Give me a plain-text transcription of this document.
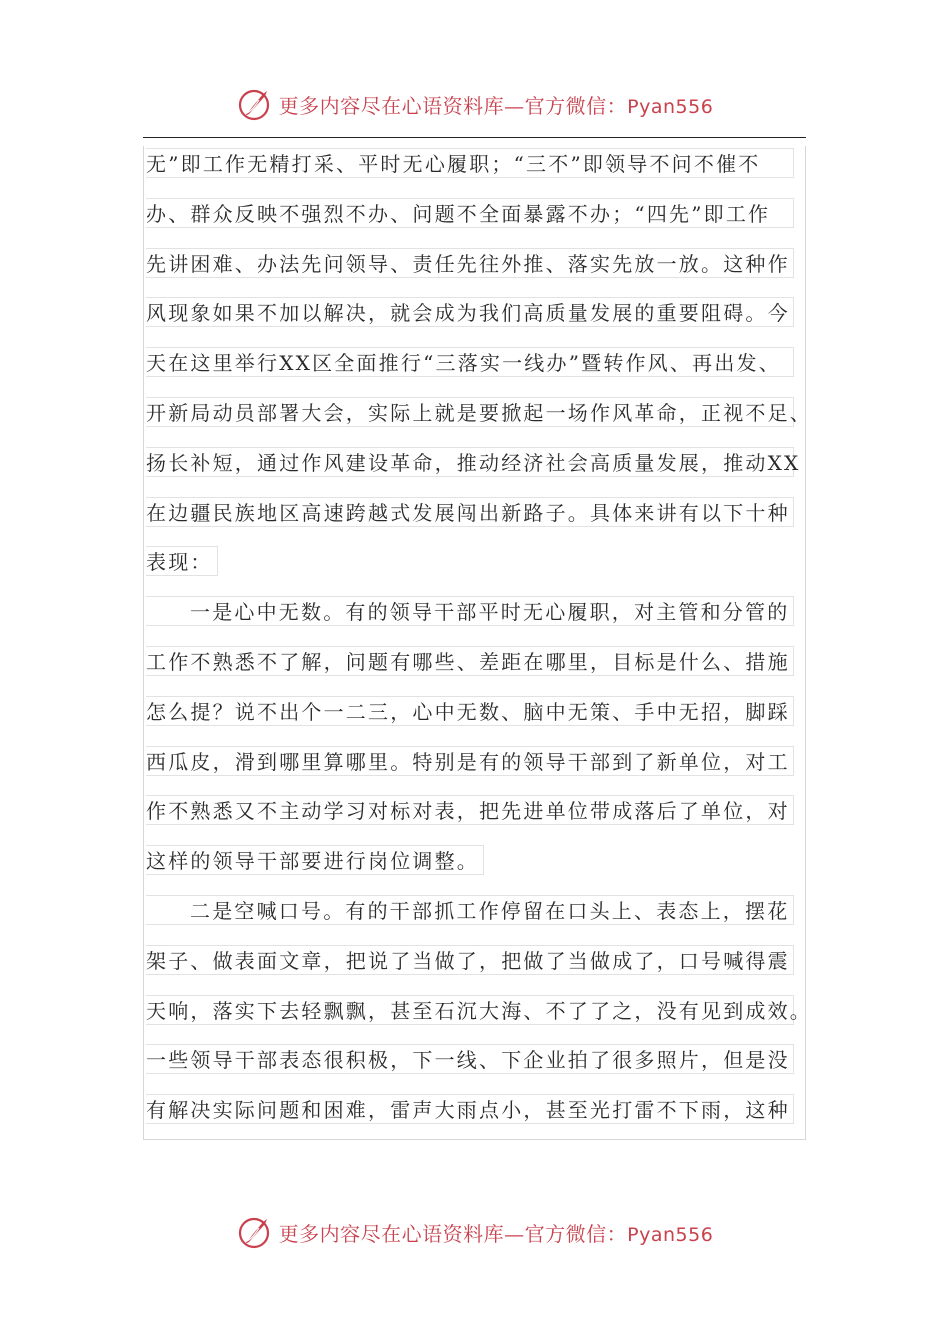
更多内容尽在心语资料库—官方微信：Pyan556
无”即工作无精打采、平时无心履职；“三不”即领导不问不催不
办、群众反映不强烈不办、问题不全面暴露不办；“四先”即工作
先讲困难、办法先问领导、责任先往外推、落实先放一放。这种作
风现象如果不加以解决，就会成为我们高质量发展的重要阻碍。今
天在这里举行XX区全面推行“三落实一线办”暨转作风、再出发、
开新局动员部署大会，实际上就是要掀起一场作风革命，正视不足、
扬长补短，通过作风建设革命，推动经济社会高质量发展，推动XX
在边疆民族地区高速跨越式发展闯出新路子。具体来讲有以下十种
表现：
一是心中无数。有的领导干部平时无心履职，对主管和分管的
工作不熟悉不了解，问题有哪些、差距在哪里，目标是什么、措施
怎么提？说不出个一二三，心中无数、脑中无策、手中无招，脚踩
西瓜皮，滑到哪里算哪里。特别是有的领导干部到了新单位，对工
作不熟悉又不主动学习对标对表，把先进单位带成落后了单位，对
这样的领导干部要进行岗位调整。
二是空喊口号。有的干部抓工作停留在口头上、表态上，摆花
架子、做表面文章，把说了当做了，把做了当做成了，口号喊得震
天响，落实下去轻飘飘，甚至石沉大海、不了了之，没有见到成效。
一些领导干部表态很积极，下一线、下企业拍了很多照片，但是没
有解决实际问题和困难，雷声大雨点小，甚至光打雷不下雨，这种
更多内容尽在心语资料库—官方微信：Pyan556
